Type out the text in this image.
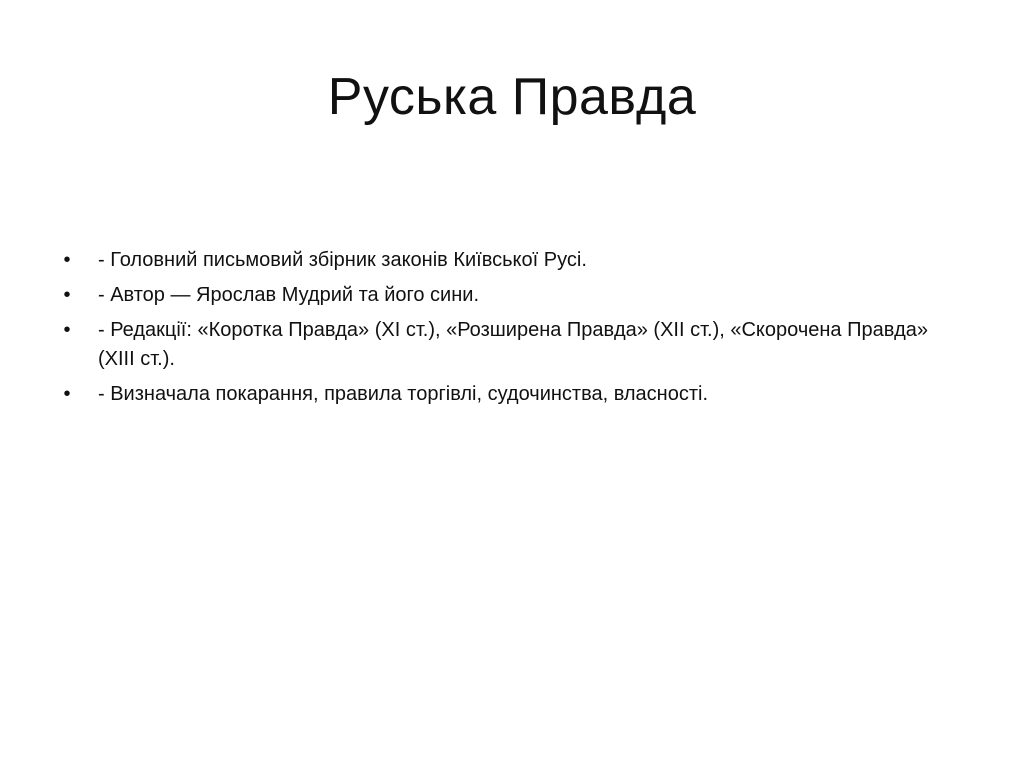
Руська Правда
• - Головний письмовий збірник законів Київської Русі.
• - Автор — Ярослав Мудрий та його сини.
• - Редакції: «Коротка Правда» (XI ст.), «Розширена Правда» (XII ст.), «Скорочена Правда» (XIII ст.).
• - Визначала покарання, правила торгівлі, судочинства, власності.
